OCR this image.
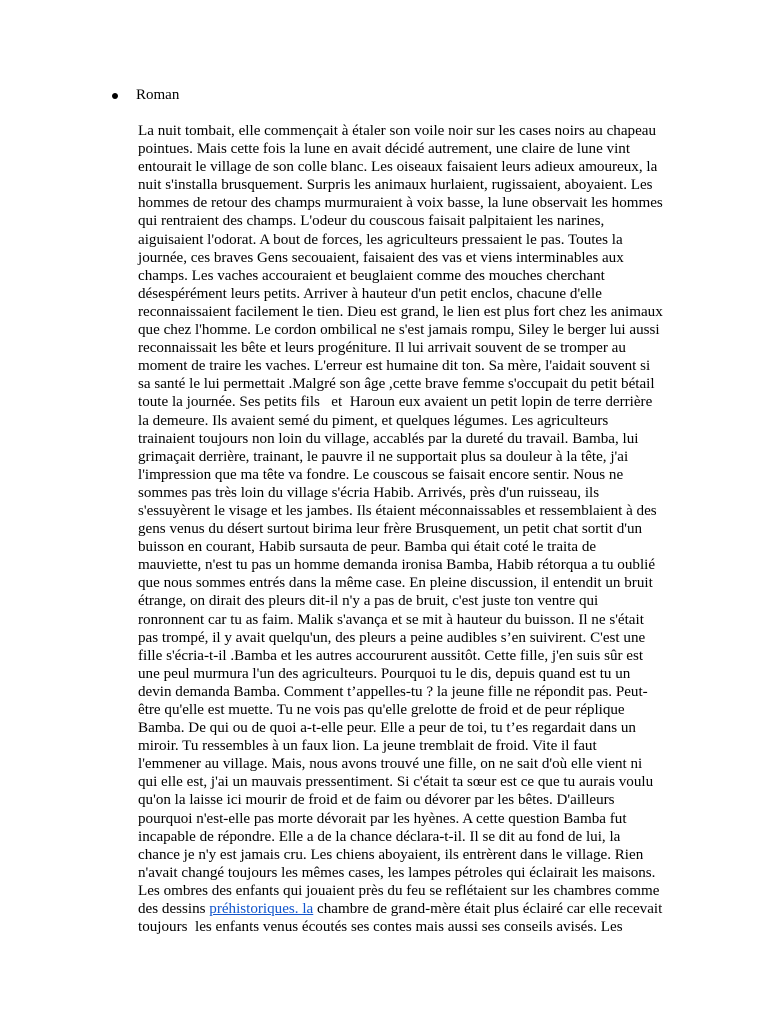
Roman
La nuit tombait, elle commençait à étaler son voile noir sur les cases noirs au chapeau
pointues. Mais cette fois la lune en avait décidé autrement, une claire de lune vint
entourait le village de son colle blanc. Les oiseaux faisaient leurs adieux amoureux, la
nuit s'installa brusquement. Surpris les animaux hurlaient, rugissaient, aboyaient. Les
hommes de retour des champs murmuraient à voix basse, la lune observait les hommes
qui rentraient des champs. L'odeur du couscous faisait palpitaient les narines,
aiguisaient l'odorat. A bout de forces, les agriculteurs pressaient le pas. Toutes la
journée, ces braves Gens secouaient, faisaient des vas et viens interminables aux
champs. Les vaches accouraient et beuglaient comme des mouches cherchant
désespérément leurs petits. Arriver à hauteur d'un petit enclos, chacune d'elle
reconnaissaient facilement le tien. Dieu est grand, le lien est plus fort chez les animaux
que chez l'homme. Le cordon ombilical ne s'est jamais rompu, Siley le berger lui aussi
reconnaissait les bête et leurs progéniture. Il lui arrivait souvent de se tromper au
moment de traire les vaches. L'erreur est humaine dit ton. Sa mère, l'aidait souvent si
sa santé le lui permettait .Malgré son âge ,cette brave femme s'occupait du petit bétail
toute la journée. Ses petits fils   et  Haroun eux avaient un petit lopin de terre derrière
la demeure. Ils avaient semé du piment, et quelques légumes. Les agriculteurs
trainaient toujours non loin du village, accablés par la dureté du travail. Bamba, lui
grimaçait derrière, trainant, le pauvre il ne supportait plus sa douleur à la tête, j'ai
l'impression que ma tête va fondre. Le couscous se faisait encore sentir. Nous ne
sommes pas très loin du village s'écria Habib. Arrivés, près d'un ruisseau, ils
s'essuyèrent le visage et les jambes. Ils étaient méconnaissables et ressemblaient à des
gens venus du désert surtout birima leur frère Brusquement, un petit chat sortit d'un
buisson en courant, Habib sursauta de peur. Bamba qui était coté le traita de
mauviette, n'est tu pas un homme demanda ironisa Bamba, Habib rétorqua a tu oublié
que nous sommes entrés dans la même case. En pleine discussion, il entendit un bruit
étrange, on dirait des pleurs dit-il n'y a pas de bruit, c'est juste ton ventre qui
ronronnent car tu as faim. Malik s'avança et se mit à hauteur du buisson. Il ne s'était
pas trompé, il y avait quelqu'un, des pleurs a peine audibles s’en suivirent. C'est une
fille s'écria-t-il .Bamba et les autres accoururent aussitôt. Cette fille, j'en suis sûr est
une peul murmura l'un des agriculteurs. Pourquoi tu le dis, depuis quand est tu un
devin demanda Bamba. Comment t’appelles-tu ? la jeune fille ne répondit pas. Peut-
être qu'elle est muette. Tu ne vois pas qu'elle grelotte de froid et de peur réplique
Bamba. De qui ou de quoi a-t-elle peur. Elle a peur de toi, tu t’es regardait dans un
miroir. Tu ressembles à un faux lion. La jeune tremblait de froid. Vite il faut
l'emmener au village. Mais, nous avons trouvé une fille, on ne sait d'où elle vient ni
qui elle est, j'ai un mauvais pressentiment. Si c'était ta sœur est ce que tu aurais voulu
qu'on la laisse ici mourir de froid et de faim ou dévorer par les bêtes. D'ailleurs
pourquoi n'est-elle pas morte dévorait par les hyènes. A cette question Bamba fut
incapable de répondre. Elle a de la chance déclara-t-il. Il se dit au fond de lui, la
chance je n'y est jamais cru. Les chiens aboyaient, ils entrèrent dans le village. Rien
n'avait changé toujours les mêmes cases, les lampes pétroles qui éclairait les maisons.
Les ombres des enfants qui jouaient près du feu se reflétaient sur les chambres comme
des dessins préhistoriques. la chambre de grand-mère était plus éclairé car elle recevait
toujours  les enfants venus écoutés ses contes mais aussi ses conseils avisés. Les
